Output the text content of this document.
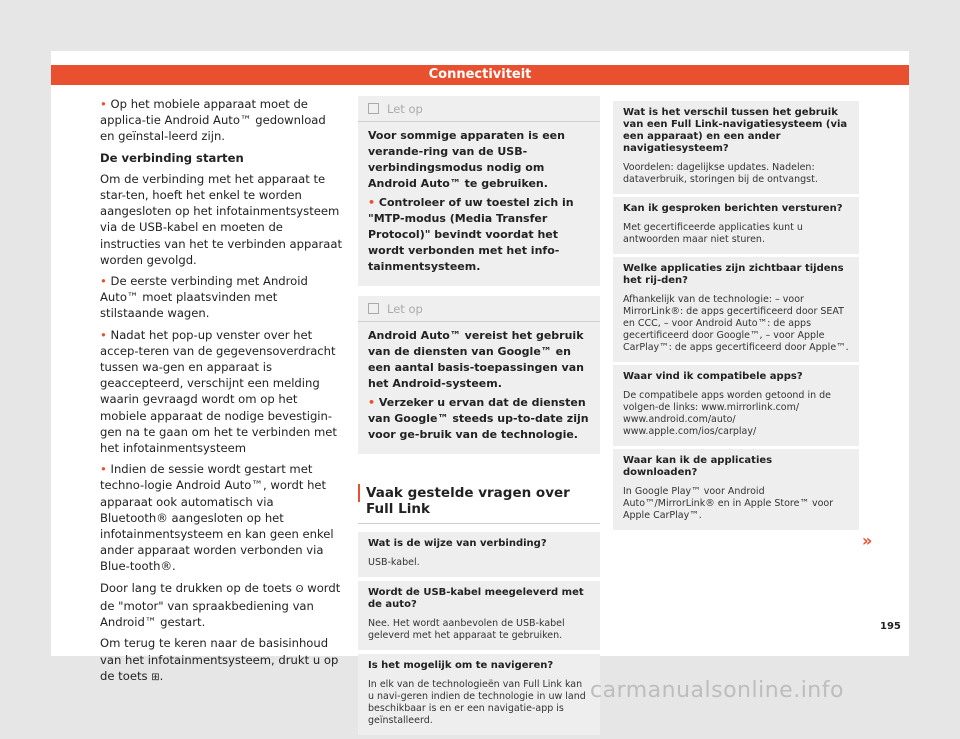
Connectiviteit

• Op het mobiele apparaat moet de applica-tie Android Auto™ gedownload en geïnstal-leerd zijn.

De verbinding starten

Om de verbinding met het apparaat te star-ten, hoeft het enkel te worden aangesloten op het infotainmentsysteem via de USB-kabel en moeten de instructies van het te verbinden apparaat worden gevolgd.

• De eerste verbinding met Android Auto™ moet plaatsvinden met stilstaande wagen.

• Nadat het pop-up venster over het accep-teren van de gegevensoverdracht tussen wa-gen en apparaat is geaccepteerd, verschijnt een melding waarin gevraagd wordt om op het mobiele apparaat de nodige bevestigin-gen na te gaan om het te verbinden met het infotainmentsysteem

• Indien de sessie wordt gestart met techno-logie Android Auto™, wordt het apparaat ook automatisch via Bluetooth® aangesloten op het infotainmentsysteem en kan geen enkel ander apparaat worden verbonden via Blue-tooth®.

Door lang te drukken op de toets ʘ wordt de "motor" van spraakbediening van Android™ gestart.

Om terug te keren naar de basisinhoud van het infotainmentsysteem, drukt u op de toets ⊞.

Let op

Voor sommige apparaten is een verande-ring van de USB-verbindingsmodus nodig om Android Auto™ te gebruiken.

• Controleer of uw toestel zich in "MTP-modus (Media Transfer Protocol)" bevindt voordat het wordt verbonden met het info-tainmentsysteem.

Let op

Android Auto™ vereist het gebruik van de diensten van Google™ en een aantal basis-toepassingen van het Android-systeem.

• Verzeker u ervan dat de diensten van Google™ steeds up-to-date zijn voor ge-bruik van de technologie.

Vaak gestelde vragen over Full Link
Wat is de wijze van verbinding?
USB-kabel.
Wordt de USB-kabel meegeleverd met de auto?
Nee. Het wordt aanbevolen de USB-kabel geleverd met het apparaat te gebruiken.
Is het mogelijk om te navigeren?
In elk van de technologieën van Full Link kan u navi-geren indien de technologie in uw land beschikbaar is en er een navigatie-app is geïnstalleerd.
Wat is het verschil tussen het gebruik van een Full Link-navigatiesysteem (via een apparaat) en een ander navigatiesysteem?
Voordelen: dagelijkse updates. Nadelen: dataverbruik, storingen bij de ontvangst.
Kan ik gesproken berichten versturen?
Met gecertificeerde applicaties kunt u antwoorden maar niet sturen.
Welke applicaties zijn zichtbaar tijdens het rij-den?
Afhankelijk van de technologie: – voor MirrorLink®: de apps gecertificeerd door SEAT en CCC, – voor Android Auto™: de apps gecertificeerd door Google™, – voor Apple CarPlay™: de apps gecertificeerd door Apple™.
Waar vind ik compatibele apps?
De compatibele apps worden getoond in de volgen-de links: www.mirrorlink.com/ www.android.com/auto/ www.apple.com/ios/carplay/
Waar kan ik de applicaties downloaden?
In Google Play™ voor Android Auto™/MirrorLink® en in Apple Store™ voor Apple CarPlay™.
»
195
carmanualsonline.info
